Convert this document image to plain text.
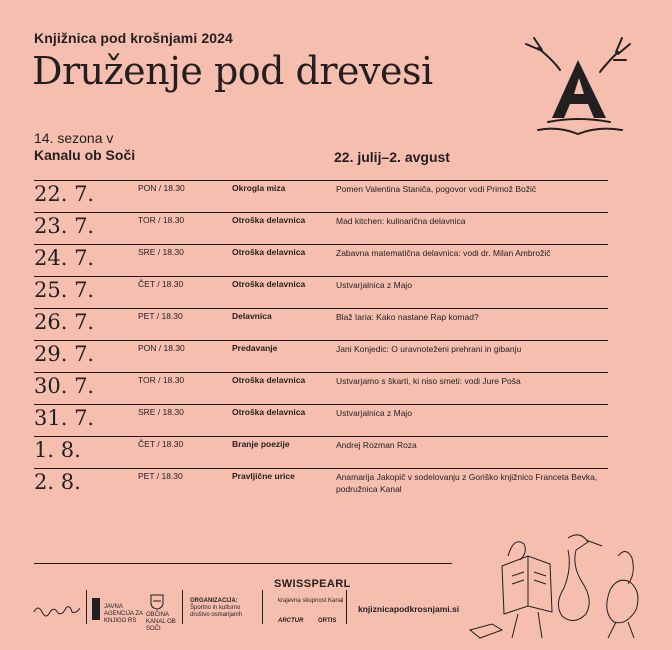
Knjižnica pod krošnjami 2024
Druženje pod drevesi
14. sezona v
Kanalu ob Soči	22. julij–2. avgust
22. 7.	PON / 18.30	Okrogla miza	Pomen Valentina Staniča, pogovor vodi Primož Božič
23. 7.	TOR / 18.30	Otroška delavnica	Mad kitchen: kulinarična delavnica
24. 7.	SRE / 18.30	Otroška delavnica	Zabavna matematična delavnica: vodi dr. Milan Ambrožič
25. 7.	ČET / 18.30	Otroška delavnica	Ustvarjalnica z Majo
26. 7.	PET / 18.30	Delavnica	Blaž Iaria: Kako nastane Rap komad?
29. 7.	PON / 18.30	Predavanje	Jani Konjedic: O uravnoteženi prehrani in gibanju
30. 7.	TOR / 18.30	Otroška delavnica	Ustvarjamo s škarti, ki niso smeti: vodi Jure Poša
31. 7.	SRE / 18.30	Otroška delavnica	Ustvarjalnica z Majo
1. 8.	ČET / 18.30	Branje poezije	Andrej Rozman Roza
2. 8.	PET / 18.30	Pravljične urice	Anamarija Jakopič v sodelovanju z Goriško knjižnico Franceta Bevka, podružnica Kanal
JAVNA AGENCIJA ZA KNJIGO RS
OBČINA KANAL OB SOČI
ORGANIZACIJA:
Športno in kulturno društvo osmanjanih
SWISSPEARL
krajevna skupnost Kanal
ARCTUR ORTIS
knjiznicapodkrosnjami.si
